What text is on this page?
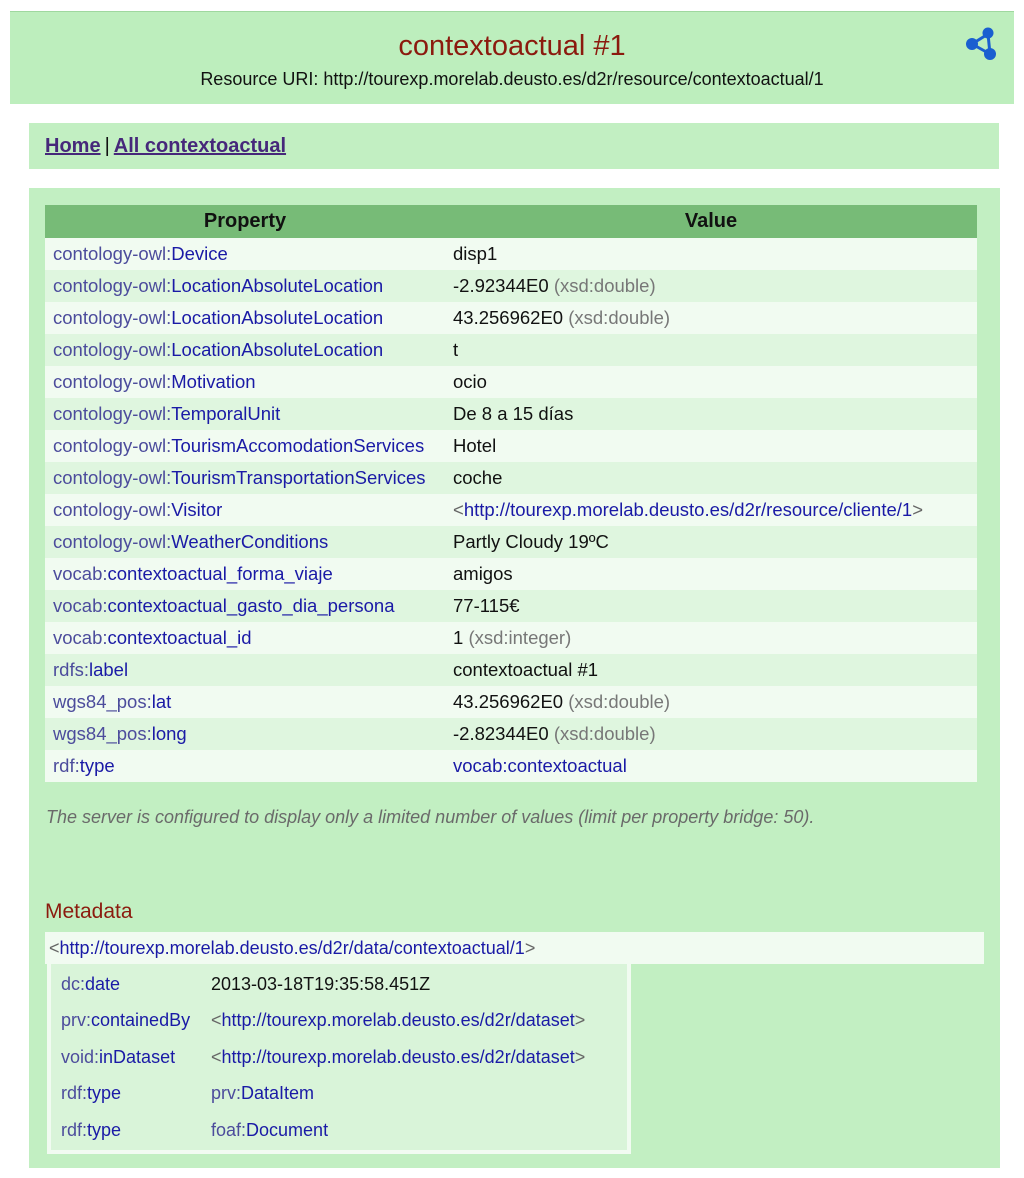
contextoactual #1
Resource URI: http://tourexp.morelab.deusto.es/d2r/resource/contextoactual/1
Home | All contextoactual
Property	Value
contology-owl:Device	disp1
contology-owl:LocationAbsoluteLocation	-2.92344E0 (xsd:double)
contology-owl:LocationAbsoluteLocation	43.256962E0 (xsd:double)
contology-owl:LocationAbsoluteLocation	t
contology-owl:Motivation	ocio
contology-owl:TemporalUnit	De 8 a 15 días
contology-owl:TourismAccomodationServices	Hotel
contology-owl:TourismTransportationServices	coche
contology-owl:Visitor	<http://tourexp.morelab.deusto.es/d2r/resource/cliente/1>
contology-owl:WeatherConditions	Partly Cloudy 19ºC
vocab:contextoactual_forma_viaje	amigos
vocab:contextoactual_gasto_dia_persona	77-115€
vocab:contextoactual_id	1 (xsd:integer)
rdfs:label	contextoactual #1
wgs84_pos:lat	43.256962E0 (xsd:double)
wgs84_pos:long	-2.82344E0 (xsd:double)
rdf:type	vocab:contextoactual
The server is configured to display only a limited number of values (limit per property bridge: 50).
Metadata
<http://tourexp.morelab.deusto.es/d2r/data/contextoactual/1>
dc:date	2013-03-18T19:35:58.451Z
prv:containedBy	<http://tourexp.morelab.deusto.es/d2r/dataset>
void:inDataset	<http://tourexp.morelab.deusto.es/d2r/dataset>
rdf:type	prv:DataItem
rdf:type	foaf:Document
